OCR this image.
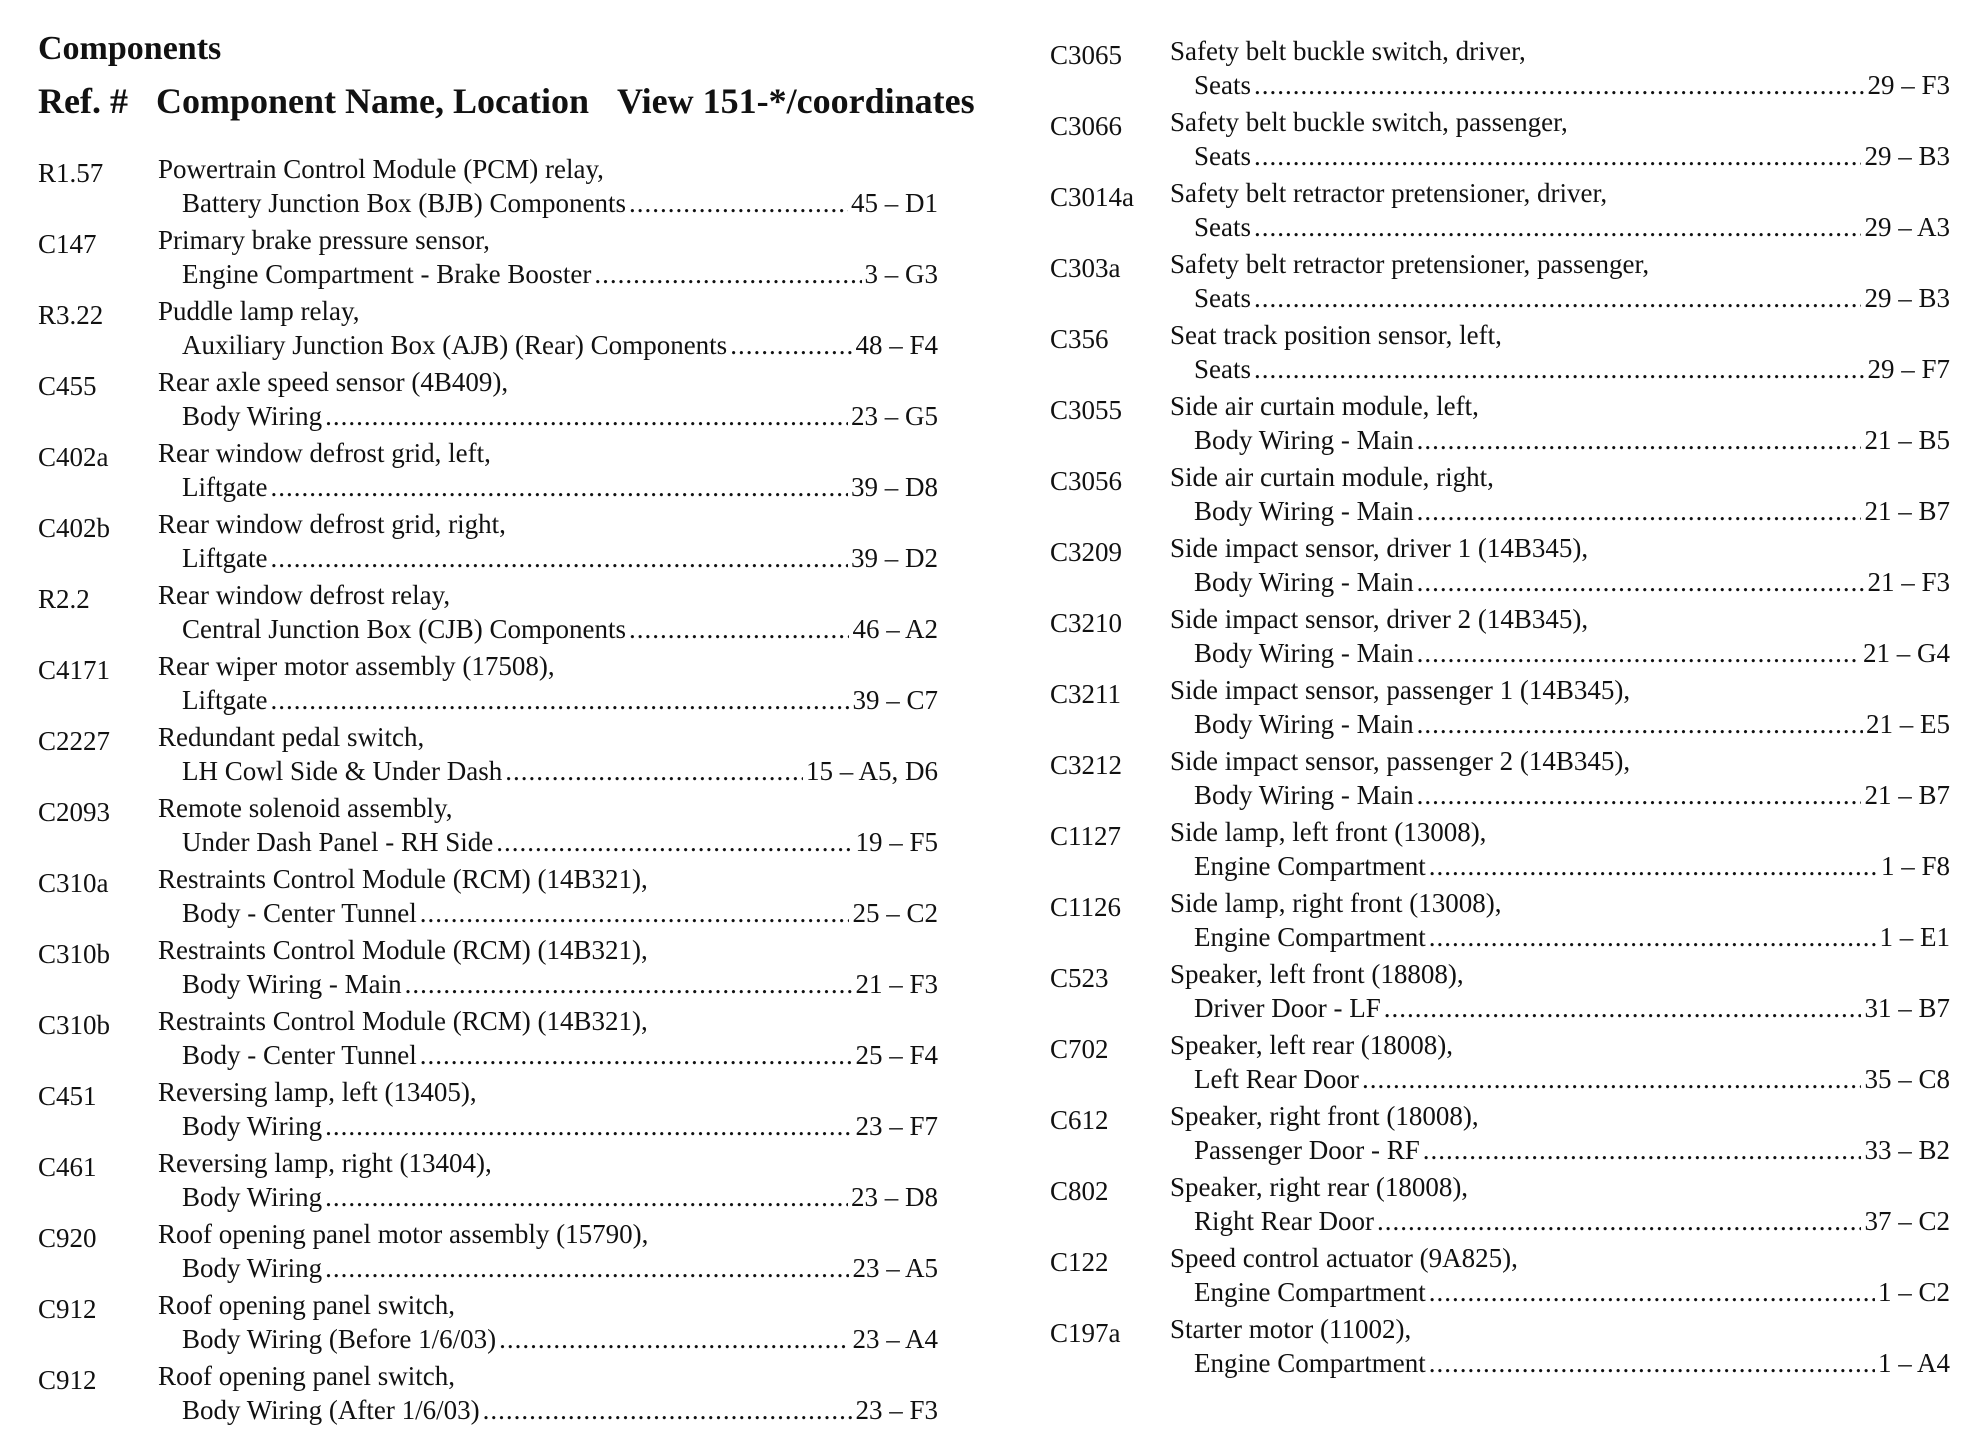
Components
Ref. # Component Name, Location View 151-*/coordinates
R1.57 Powertrain Control Module (PCM) relay,
Battery Junction Box (BJB) Components .....	45 – D1
C147 Primary brake pressure sensor,
Engine Compartment - Brake Booster .....	3 – G3
R3.22 Puddle lamp relay,
Auxiliary Junction Box (AJB) (Rear) Components .....	48 – F4
C455 Rear axle speed sensor (4B409),
Body Wiring .....	23 – G5
C402a Rear window defrost grid, left,
Liftgate .....	39 – D8
C402b Rear window defrost grid, right,
Liftgate .....	39 – D2
R2.2	Rear window defrost relay,
Central Junction Box (CJB) Components .....	46 – A2
C4171 Rear wiper motor assembly (17508),
Liftgate .....	39 – C7
C2227 Redundant pedal switch,
LH Cowl Side & Under Dash .....	15 – A5, D6
C2093 Remote solenoid assembly,
Under Dash Panel - RH Side .....	19 – F5
C310a Restraints Control Module (RCM) (14B321),
Body - Center Tunnel .....	25 – C2
C310b Restraints Control Module (RCM) (14B321),
Body Wiring - Main .....	21 – F3
C310b Restraints Control Module (RCM) (14B321),
Body - Center Tunnel .....	25 – F4
C451 Reversing lamp, left (13405),
Body Wiring .....	23 – F7
C461 Reversing lamp, right (13404),
Body Wiring .....	23 – D8
C920 Roof opening panel motor assembly (15790),
Body Wiring .....	23 – A5
C912 Roof opening panel switch,
Body Wiring (Before 1/6/03) .....	23 – A4
C912 Roof opening panel switch,
Body Wiring (After 1/6/03) .....	23 – F3
C3065 Safety belt buckle switch, driver,
Seats .....	29 – F3
C3066 Safety belt buckle switch, passenger,
Seats .....	29 – B3
C3014a Safety belt retractor pretensioner, driver,
Seats .....	29 – A3
C303a Safety belt retractor pretensioner, passenger,
Seats .....	29 – B3
C356 Seat track position sensor, left,
Seats .....	29 – F7
C3055 Side air curtain module, left,
Body Wiring - Main .....	21 – B5
C3056 Side air curtain module, right,
Body Wiring - Main .....	21 – B7
C3209 Side impact sensor, driver 1 (14B345),
Body Wiring - Main .....	21 – F3
C3210 Side impact sensor, driver 2 (14B345),
Body Wiring - Main .....	21 – G4
C3211 Side impact sensor, passenger 1 (14B345),
Body Wiring - Main .....	21 – E5
C3212 Side impact sensor, passenger 2 (14B345),
Body Wiring - Main .....	21 – B7
C1127 Side lamp, left front (13008),
Engine Compartment .....	1 – F8
C1126 Side lamp, right front (13008),
Engine Compartment .....	1 – E1
C523 Speaker, left front (18808),
Driver Door - LF .....	31 – B7
C702 Speaker, left rear (18008),
Left Rear Door .....	35 – C8
C612 Speaker, right front (18008),
Passenger Door - RF .....	33 – B2
C802 Speaker, right rear (18008),
Right Rear Door .....	37 – C2
C122 Speed control actuator (9A825),
Engine Compartment .....	1 – C2
C197a Starter motor (11002),
Engine Compartment .....	1 – A4
